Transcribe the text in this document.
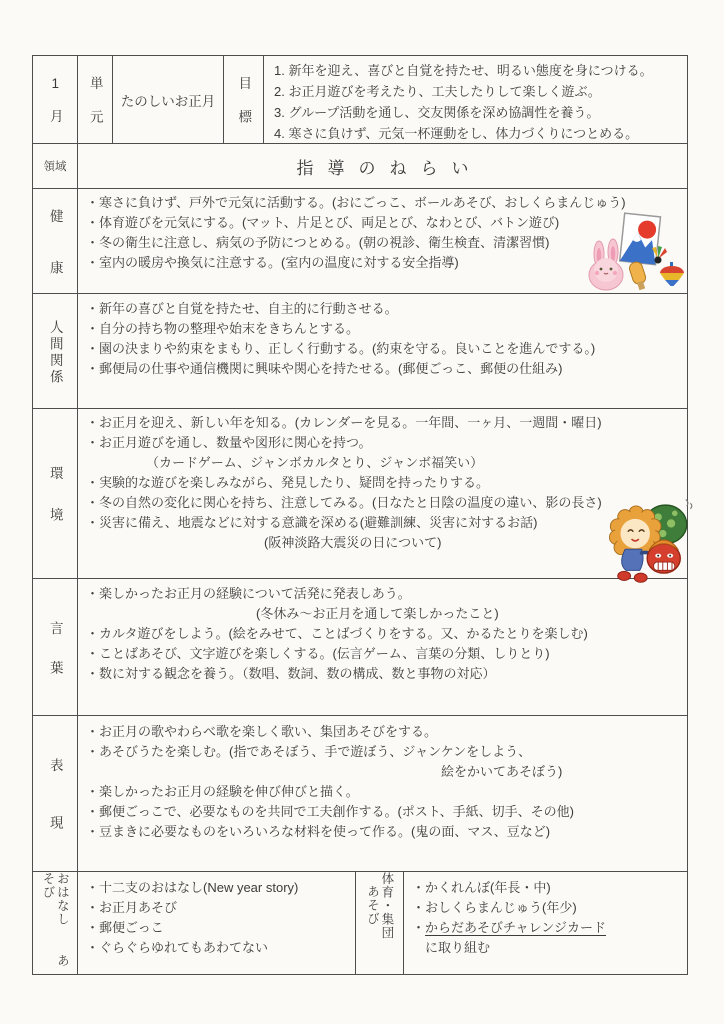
1月 単元 たのしいお正月 目標
1. 新年を迎え、喜びと自覚を持たせ、明るい態度を身につける。
2. お正月遊びを考えたり、工夫したりして楽しく遊ぶ。
3. グループ活動を通し、交友関係を深め協調性を養う。
4. 寒さに負けず、元気一杯運動をし、体力づくりにつとめる。
領域	指導のねらい
健康
・寒さに負けず、戸外で元気に活動する。(おにごっこ、ボールあそび、おしくらまんじゅう)
・体育遊びを元気にする。(マット、片足とび、両足とび、なわとび、バトン遊び)
・冬の衛生に注意し、病気の予防につとめる。(朝の視診、衛生検査、清潔習慣)
・室内の暖房や換気に注意する。(室内の温度に対する安全指導)
人間関係
・新年の喜びと自覚を持たせ、自主的に行動させる。
・自分の持ち物の整理や始末をきちんとする。
・園の決まりや約束をまもり、正しく行動する。(約束を守る。良いことを進んでする。)
・郵便局の仕事や通信機関に興味や関心を持たせる。(郵便ごっこ、郵便の仕組み)
環境
・お正月を迎え、新しい年を知る。(カレンダーを見る。一年間、一ヶ月、一週間・曜日)
・お正月遊びを通し、数量や図形に関心を持つ。
（カードゲーム、ジャンボカルタとり、ジャンボ福笑い）
・実験的な遊びを楽しみながら、発見したり、疑問を持ったりする。
・冬の自然の変化に関心を持ち、注意してみる。(日なたと日陰の温度の違い、影の長さ)
・災害に備え、地震などに対する意識を深める(避難訓練、災害に対するお話)
(阪神淡路大震災の日について)
言葉
・楽しかったお正月の経験について活発に発表しあう。
(冬休み〜お正月を通して楽しかったこと)
・カルタ遊びをしよう。(絵をみせて、ことばづくりをする。又、かるたとりを楽しむ)
・ことばあそび、文字遊びを楽しくする。(伝言ゲーム、言葉の分類、しりとり)
・数に対する観念を養う。（数唱、数詞、数の構成、数と事物の対応）
表現
・お正月の歌やわらべ歌を楽しく歌い、集団あそびをする。
・あそびうたを楽しむ。(指であそぼう、手で遊ぼう、ジャンケンをしよう、
絵をかいてあそぼう)
・楽しかったお正月の経験を伸び伸びと描く。
・郵便ごっこで、必要なものを共同で工夫創作する。(ポスト、手紙、切手、その他)
・豆まきに必要なものをいろいろな材料を使って作る。(鬼の面、マス、豆など)
おはなし あそび	・十二支のおはなし(New year story)
・お正月あそび
・郵便ごっこ
・ぐらぐらゆれてもあわてない
体育・集団 あそび	・かくれんぼ(年長・中)
・おしくらまんじゅう(年少)
・からだあそびチャレンジカード
に取り組む
